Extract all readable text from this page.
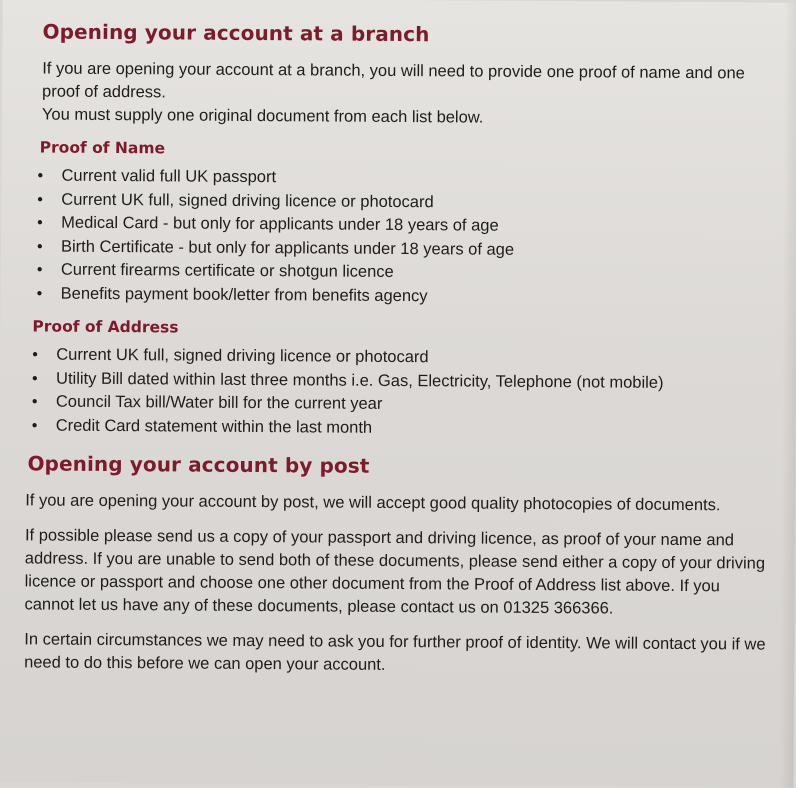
Opening your account at a branch

If you are opening your account at a branch, you will need to provide one proof of name and one proof of address.

You must supply one original document from each list below.

Proof of Name
• Current valid full UK passport
• Current UK full, signed driving licence or photocard
• Medical Card - but only for applicants under 18 years of age
• Birth Certificate - but only for applicants under 18 years of age
• Current firearms certificate or shotgun licence
• Benefits payment book/letter from benefits agency
Proof of Address
• Current UK full, signed driving licence or photocard
• Utility Bill dated within last three months i.e. Gas, Electricity, Telephone (not mobile)
• Council Tax bill/Water bill for the current year
• Credit Card statement within the last month
Opening your account by post

If you are opening your account by post, we will accept good quality photocopies of documents.

If possible please send us a copy of your passport and driving licence, as proof of your name and address. If you are unable to send both of these documents, please send either a copy of your driving licence or passport and choose one other document from the Proof of Address list above. If you cannot let us have any of these documents, please contact us on 01325 366366.

In certain circumstances we may need to ask you for further proof of identity. We will contact you if we need to do this before we can open your account.
